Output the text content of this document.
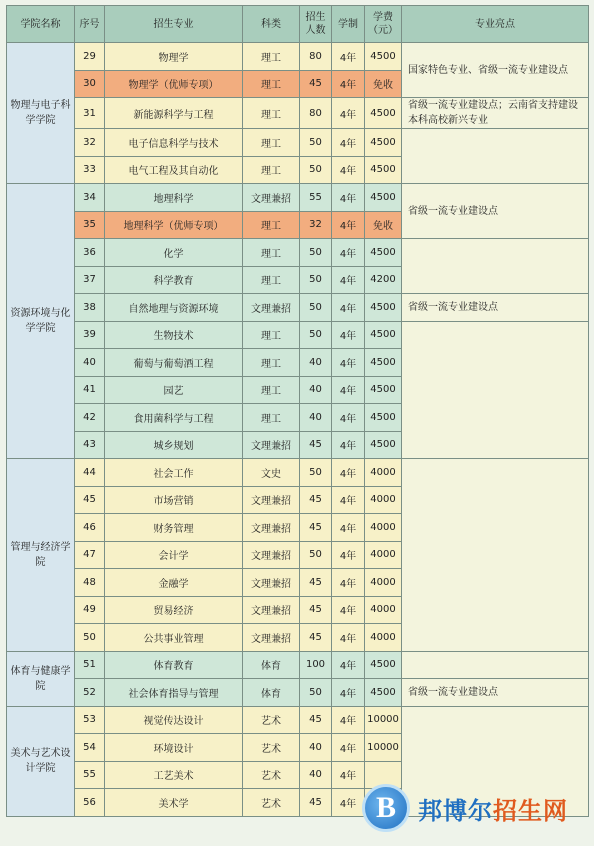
学院名称	序号	招生专业	科类	招生人数	学制	学费（元）	专业亮点
物理与电子科学学院	29	物理学	理工	80	4年	4500	国家特色专业、省级一流专业建设点
	30	物理学（优师专项）	理工	45	4年	免收	
	31	新能源科学与工程	理工	80	4年	4500	省级一流专业建设点；云南省支持建设本科高校新兴专业
	32	电子信息科学与技术	理工	50	4年	4500	
	33	电气工程及其自动化	理工	50	4年	4500	
资源环境与化学学院	34	地理科学	文理兼招	55	4年	4500	省级一流专业建设点
	35	地理科学（优师专项）	理工	32	4年	免收	
	36	化学	理工	50	4年	4500	
	37	科学教育	理工	50	4年	4200	
	38	自然地理与资源环境	文理兼招	50	4年	4500	省级一流专业建设点
	39	生物技术	理工	50	4年	4500	
	40	葡萄与葡萄酒工程	理工	40	4年	4500	
	41	园艺	理工	40	4年	4500	
	42	食用菌科学与工程	理工	40	4年	4500	
	43	城乡规划	文理兼招	45	4年	4500	
管理与经济学院	44	社会工作	文史	50	4年	4000	
	45	市场营销	文理兼招	45	4年	4000	
	46	财务管理	文理兼招	45	4年	4000	
	47	会计学	文理兼招	50	4年	4000	
	48	金融学	文理兼招	45	4年	4000	
	49	贸易经济	文理兼招	45	4年	4000	
	50	公共事业管理	文理兼招	45	4年	4000	
体育与健康学院	51	体育教育	体育	100	4年	4500	
	52	社会体育指导与管理	体育	50	4年	4500	省级一流专业建设点
美术与艺术设计学院	53	视觉传达设计	艺术	45	4年	10000	
	54	环境设计	艺术	40	4年	10000	
	55	工艺美术	艺术	40	4年		
	56	美术学	艺术	45	4年		B 邦博尔招生网
